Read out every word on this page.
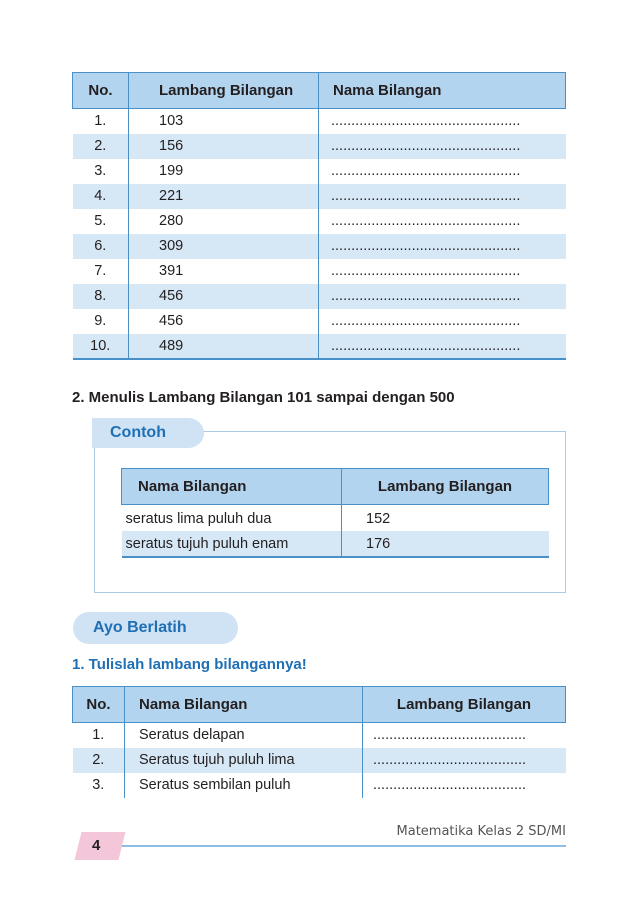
No.	Lambang Bilangan	Nama Bilangan
1.	103	...............................................
2.	156	...............................................
3.	199	...............................................
4.	221	...............................................
5.	280	...............................................
6.	309	...............................................
7.	391	...............................................
8.	456	...............................................
9.	456	...............................................
10.	489	...............................................
2. Menulis Lambang Bilangan 101 sampai dengan 500
Contoh
Nama Bilangan	Lambang Bilangan
seratus lima puluh dua	152
seratus tujuh puluh enam	176
Ayo Berlatih
1. Tulislah lambang bilangannya!
No.	Nama Bilangan	Lambang Bilangan
1.	Seratus delapan	......................................
2.	Seratus tujuh puluh lima	......................................
3.	Seratus sembilan puluh	......................................
4
Matematika Kelas 2 SD/MI
